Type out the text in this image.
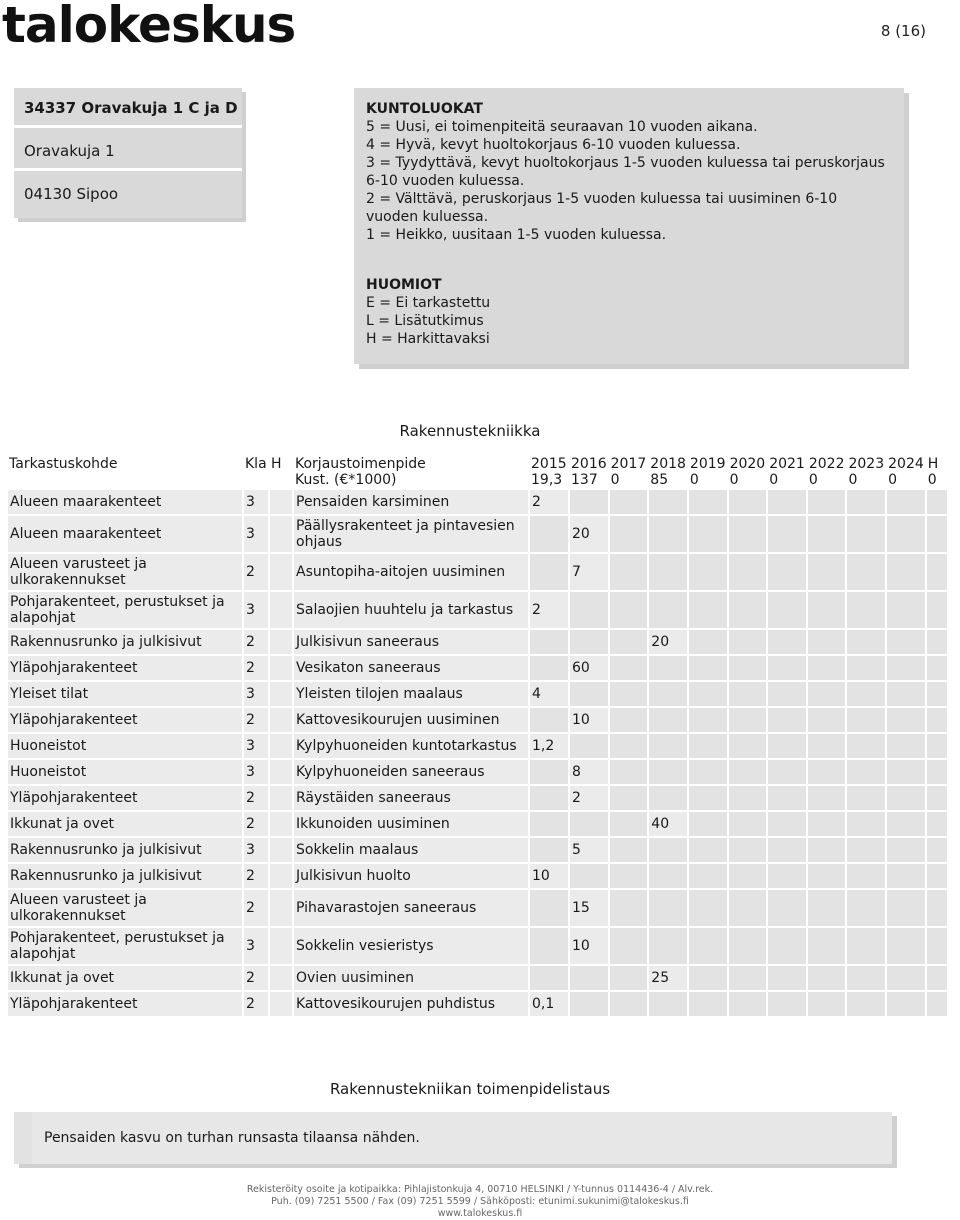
talokeskus	8 (16)
34337 Oravakuja 1 C ja D
Oravakuja 1
04130 Sipoo
KUNTOLUOKAT
5 = Uusi, ei toimenpiteitä seuraavan 10 vuoden aikana.
4 = Hyvä, kevyt huoltokorjaus 6-10 vuoden kuluessa.
3 = Tyydyttävä, kevyt huoltokorjaus 1-5 vuoden kuluessa tai peruskorjaus 6-10 vuoden kuluessa.
2 = Välttävä, peruskorjaus 1-5 vuoden kuluessa tai uusiminen 6-10 vuoden kuluessa.
1 = Heikko, uusitaan 1-5 vuoden kuluessa.
HUOMIOT
E = Ei tarkastettu
L = Lisätutkimus
H = Harkittavaksi
Rakennustekniikka
Tarkastuskohde	Kla	H	Korjaustoimenpide	2015	2016	2017	2018	2019	2020	2021	2022	2023	2024	H
			Kust. (€*1000)	19,3	137	0	85	0	0	0	0	0	0	0
Alueen maarakenteet	3		Pensaiden karsiminen	2										
Alueen maarakenteet	3		Päällysrakenteet ja pintavesien ohjaus		20									
Alueen varusteet ja ulkorakennukset	2		Asuntopiha-aitojen uusiminen		7									
Pohjarakenteet, perustukset ja alapohjat	3		Salaojien huuhtelu ja tarkastus	2										
Rakennusrunko ja julkisivut	2		Julkisivun saneeraus				20							
Yläpohjarakenteet	2		Vesikaton saneeraus		60									
Yleiset tilat	3		Yleisten tilojen maalaus	4										
Yläpohjarakenteet	2		Kattovesikourujen uusiminen		10									
Huoneistot	3		Kylpyhuoneiden kuntotarkastus	1,2										
Huoneistot	3		Kylpyhuoneiden saneeraus		8									
Yläpohjarakenteet	2		Räystäiden saneeraus		2									
Ikkunat ja ovet	2		Ikkunoiden uusiminen				40							
Rakennusrunko ja julkisivut	3		Sokkelin maalaus		5									
Rakennusrunko ja julkisivut	2		Julkisivun huolto	10										
Alueen varusteet ja ulkorakennukset	2		Pihavarastojen saneeraus		15									
Pohjarakenteet, perustukset ja alapohjat	3		Sokkelin vesieristys		10									
Ikkunat ja ovet	2		Ovien uusiminen				25							
Yläpohjarakenteet	2		Kattovesikourujen puhdistus	0,1										
Rakennustekniikan toimenpidelistaus
Pensaiden kasvu on turhan runsasta tilaansa nähden.
Rekisteröity osoite ja kotipaikka: Pihlajistonkuja 4, 00710 HELSINKI / Y-tunnus 0114436-4 / Alv.rek.
Puh. (09) 7251 5500 / Fax (09) 7251 5599 / Sähköposti: etunimi.sukunimi@talokeskus.fi
www.talokeskus.fi
